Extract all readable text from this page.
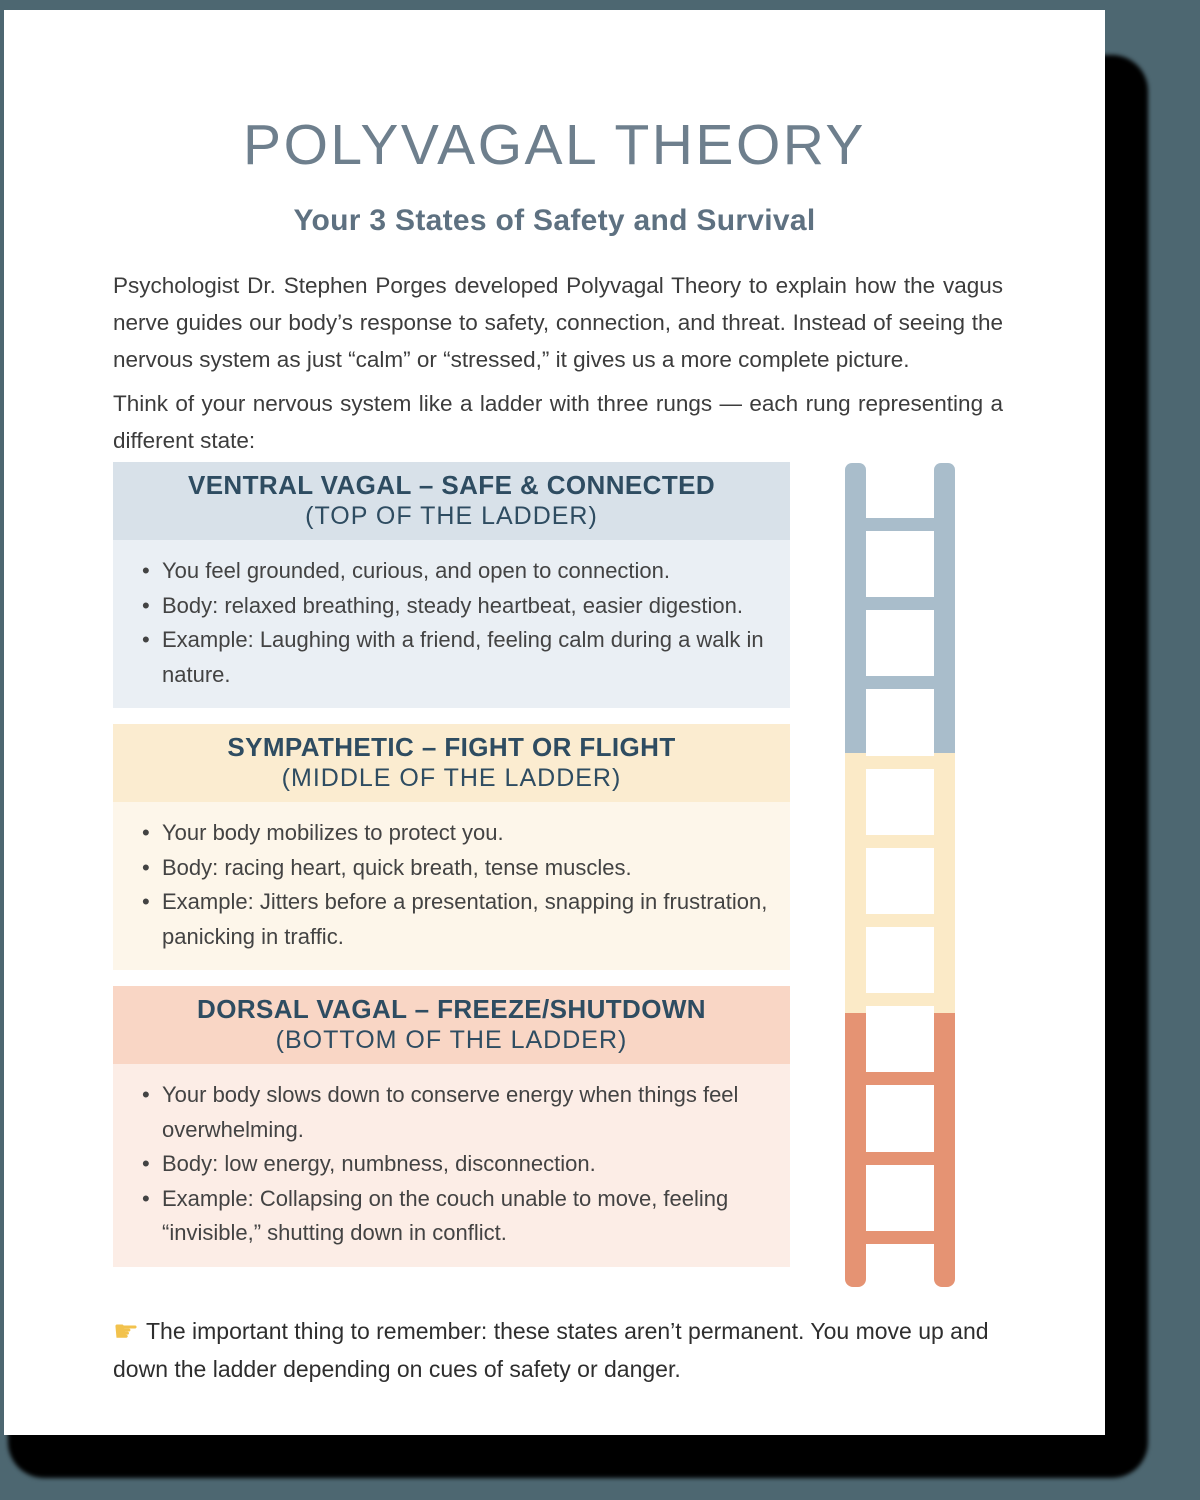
POLYVAGAL THEORY
Your 3 States of Safety and Survival

Psychologist Dr. Stephen Porges developed Polyvagal Theory to explain how the vagus nerve guides our body’s response to safety, connection, and threat. Instead of seeing the nervous system as just “calm” or “stressed,” it gives us a more complete picture.

Think of your nervous system like a ladder with three rungs — each rung representing a different state:

VENTRAL VAGAL – SAFE & CONNECTED
(TOP OF THE LADDER)
• You feel grounded, curious, and open to connection.
• Body: relaxed breathing, steady heartbeat, easier digestion.
• Example: Laughing with a friend, feeling calm during a walk in nature.
SYMPATHETIC – FIGHT OR FLIGHT
(MIDDLE OF THE LADDER)
• Your body mobilizes to protect you.
• Body: racing heart, quick breath, tense muscles.
• Example: Jitters before a presentation, snapping in frustration, panicking in traffic.
DORSAL VAGAL – FREEZE/SHUTDOWN
(BOTTOM OF THE LADDER)
• Your body slows down to conserve energy when things feel overwhelming.
• Body: low energy, numbness, disconnection.
• Example: Collapsing on the couch unable to move, feeling “invisible,” shutting down in conflict.

☛ The important thing to remember: these states aren’t permanent. You move up and down the ladder depending on cues of safety or danger.
